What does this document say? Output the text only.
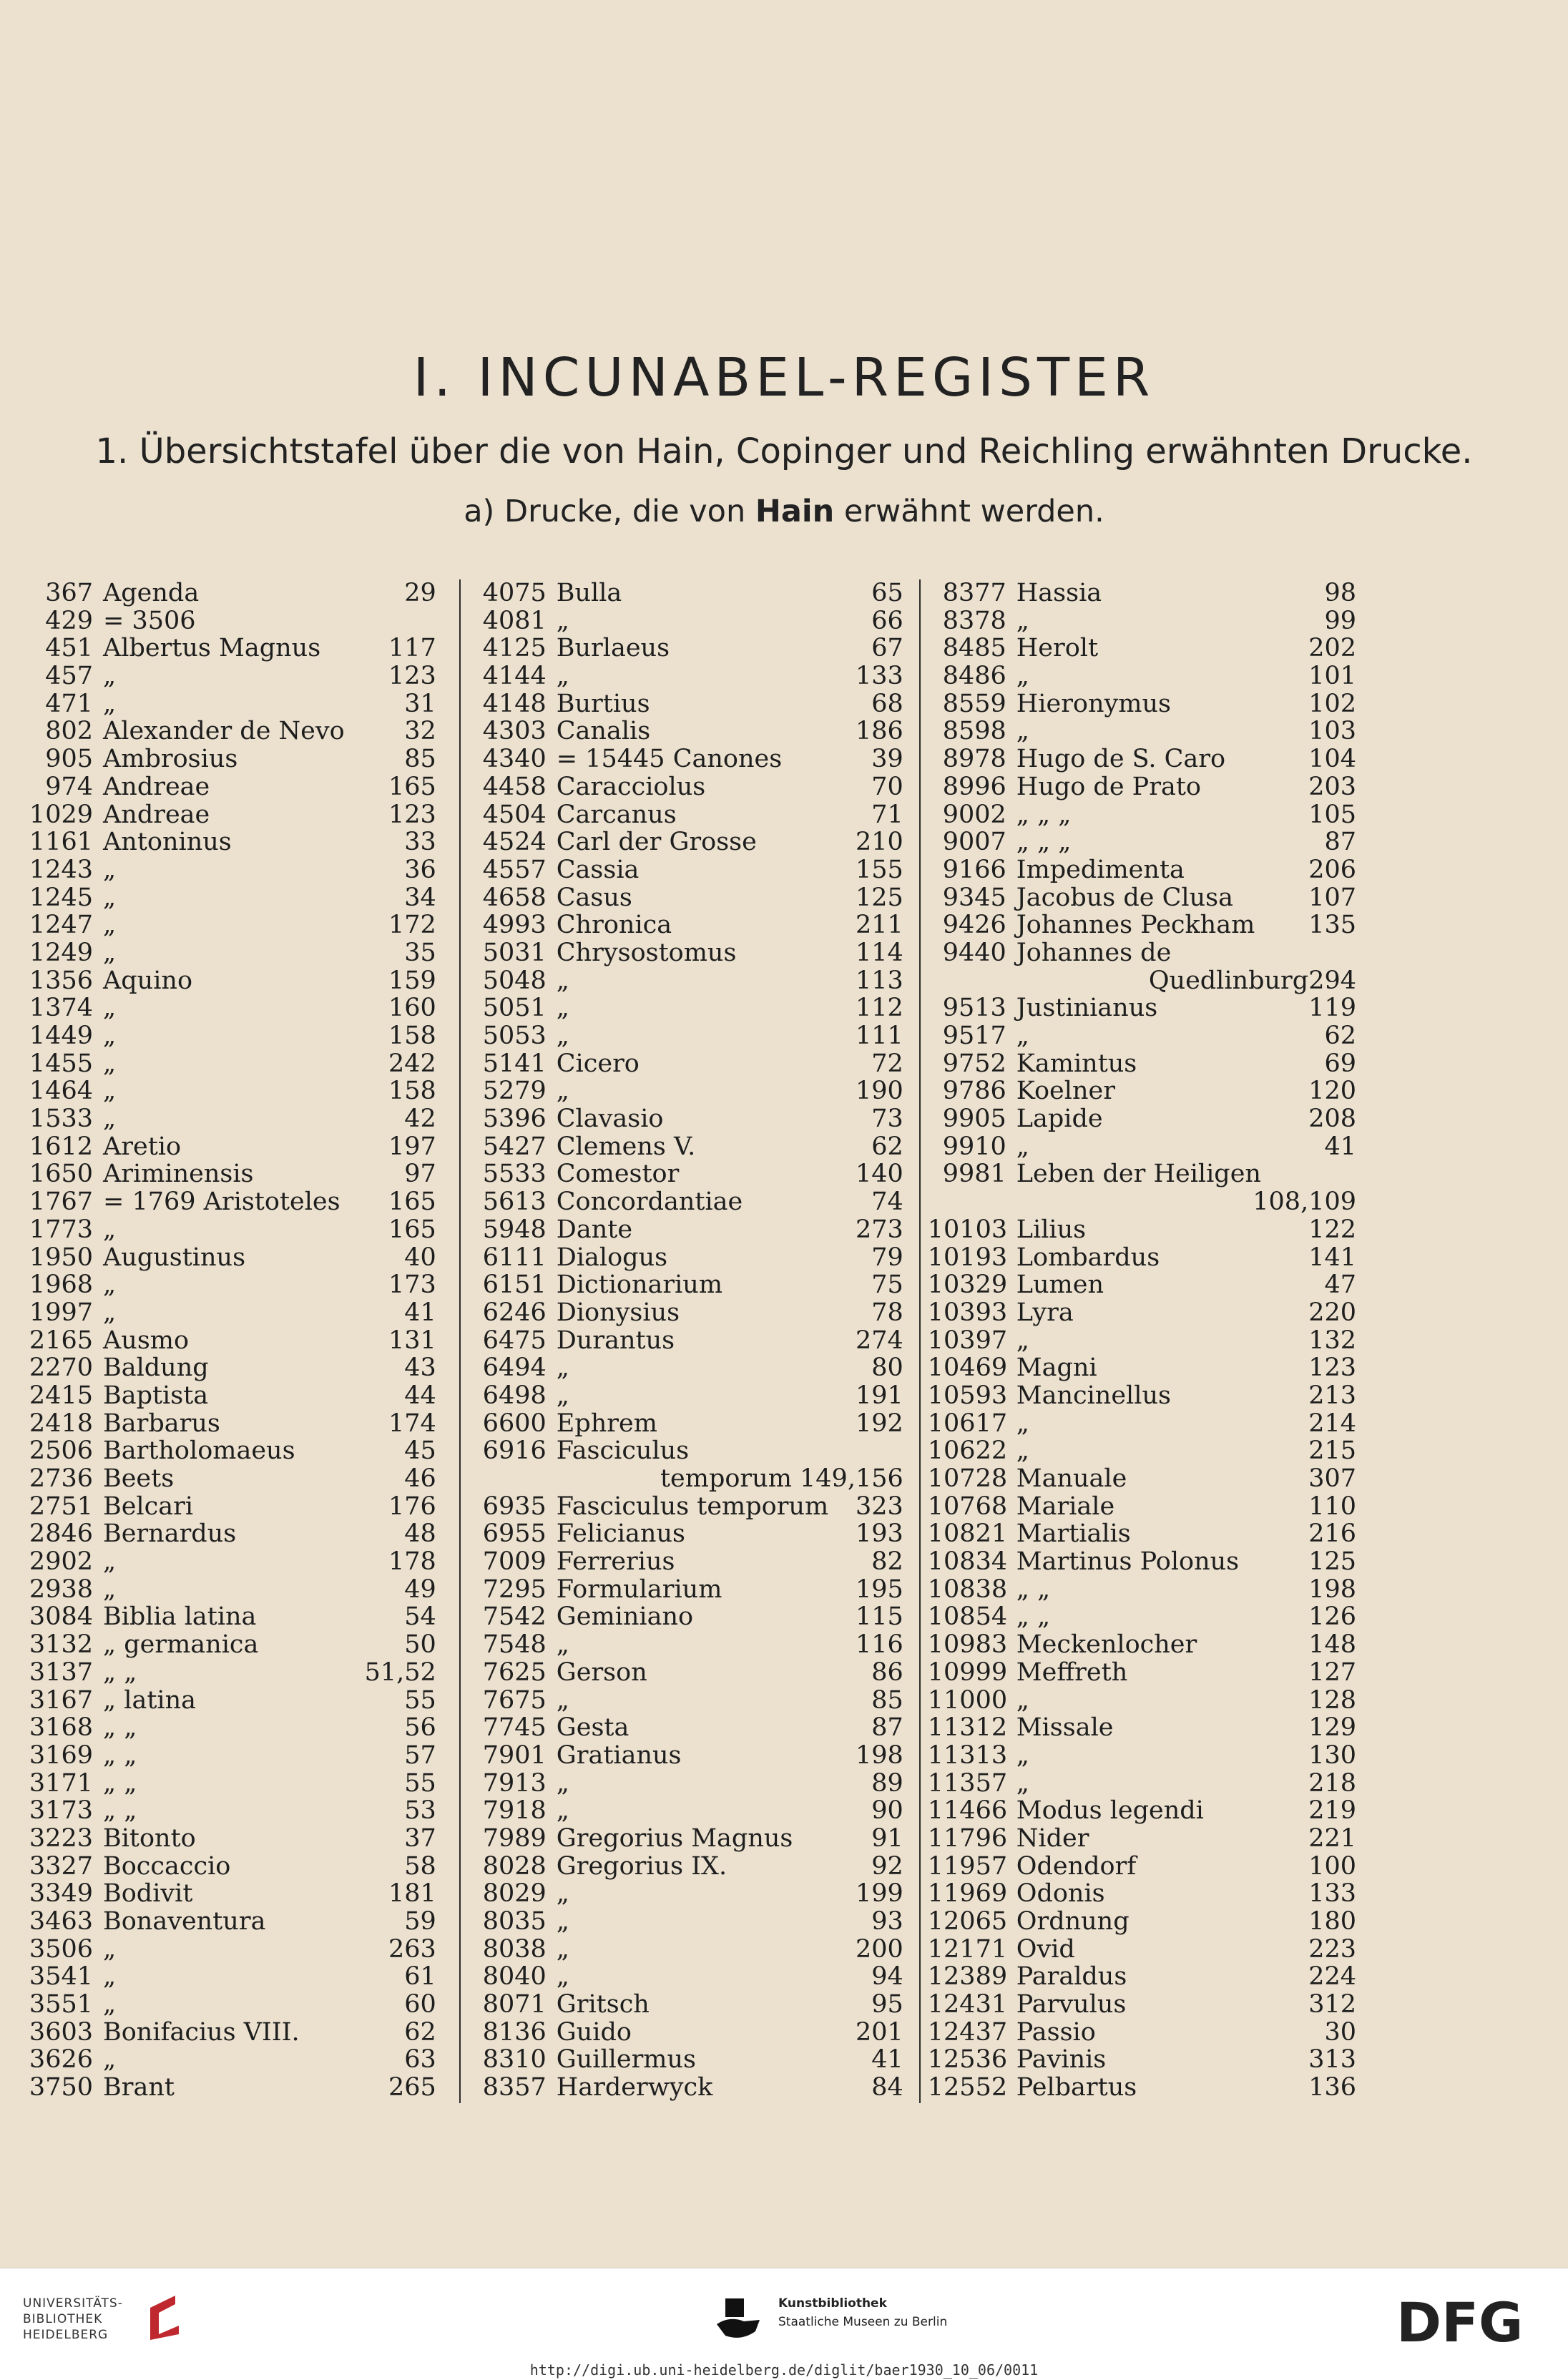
I. INCUNABEL-REGISTER
1. Übersichtstafel über die von Hain, Copinger und Reichling erwähnten Drucke.
a) Drucke, die von Hain erwähnt werden.
367 Agenda	29
429 = 3506
451 Albertus Magnus	117
457 „	123
471 „	31
802 Alexander de Nevo	32
905 Ambrosius	85
974 Andreae	165
1029 Andreae	123
1161 Antoninus	33
1243 „	36
1245 „	34
1247 „	172
1249 „	35
1356 Aquino	159
1374 „	160
1449 „	158
1455 „	242
1464 „	158
1533 „	42
1612 Aretio	197
1650 Ariminensis	97
1767 = 1769 Aristoteles	165
1773 „	165
1950 Augustinus	40
1968 „	173
1997 „	41
2165 Ausmo	131
2270 Baldung	43
2415 Baptista	44
2418 Barbarus	174
2506 Bartholomaeus	45
2736 Beets	46
2751 Belcari	176
2846 Bernardus	48
2902 „	178
2938 „	49
3084 Biblia latina	54
3132 „ germanica	50
3137 „ „	51,52
3167 „ latina	55
3168 „ „	56
3169 „ „	57
3171 „ „	55
3173 „ „	53
3223 Bitonto	37
3327 Boccaccio	58
3349 Bodivit	181
3463 Bonaventura	59
3506 „	263
3541 „	61
3551 „	60
3603 Bonifacius VIII.	62
3626 „	63
3750 Brant	265
4075 Bulla	65
4081 „	66
4125 Burlaeus	67
4144 „	133
4148 Burtius	68
4303 Canalis	186
4340 = 15445 Canones	39
4458 Caracciolus	70
4504 Carcanus	71
4524 Carl der Grosse	210
4557 Cassia	155
4658 Casus	125
4993 Chronica	211
5031 Chrysostomus	114
5048 „	113
5051 „	112
5053 „	111
5141 Cicero	72
5279 „	190
5396 Clavasio	73
5427 Clemens V.	62
5533 Comestor	140
5613 Concordantiae	74
5948 Dante	273
6111 Dialogus	79
6151 Dictionarium	75
6246 Dionysius	78
6475 Durantus	274
6494 „	80
6498 „	191
6600 Ephrem	192
6916 Fasciculus
temporum 149, 156
6935 Fasciculus temporum	323
6955 Felicianus	193
7009 Ferrerius	82
7295 Formularium	195
7542 Geminiano	115
7548 „	116
7625 Gerson	86
7675 „	85
7745 Gesta	87
7901 Gratianus	198
7913 „	89
7918 „	90
7989 Gregorius Magnus	91
8028 Gregorius IX.	92
8029 „	199
8035 „	93
8038 „	200
8040 „	94
8071 Gritsch	95
8136 Guido	201
8310 Guillermus	41
8357 Harderwyck	84
8377 Hassia	98
8378 „	99
8485 Herolt	202
8486 „	101
8559 Hieronymus	102
8598 „	103
8978 Hugo de S. Caro	104
8996 Hugo de Prato	203
9002 „ „ „	105
9007 „ „ „	87
9166 Impedimenta	206
9345 Jacobus de Clusa	107
9426 Johannes Peckham	135
9440 Johannes de
Quedlinburg 294
9513 Justinianus	119
9517 „	62
9752 Kamintus	69
9786 Koelner	120
9905 Lapide	208
9910 „	41
9981 Leben der Heiligen
108, 109
10103 Lilius	122
10193 Lombardus	141
10329 Lumen	47
10393 Lyra	220
10397 „	132
10469 Magni	123
10593 Mancinellus	213
10617 „	214
10622 „	215
10728 Manuale	307
10768 Mariale	110
10821 Martialis	216
10834 Martinus Polonus	125
10838 „ „	198
10854 „ „	126
10983 Meckenlocher	148
10999 Meffreth	127
11000 „	128
11312 Missale	129
11313 „	130
11357 „	218
11466 Modus legendi	219
11796 Nider	221
11957 Odendorf	100
11969 Odonis	133
12065 Ordnung	180
12171 Ovid	223
12389 Paraldus	224
12431 Parvulus	312
12437 Passio	30
12536 Pavinis	313
12552 Pelbartus	136
UNIVERSITÄTS-
BIBLIOTHEK
HEIDELBERG
Kunstbibliothek
Staatliche Museen zu Berlin	DFG
http://digi.ub.uni-heidelberg.de/diglit/baer1930_10_06/0011
